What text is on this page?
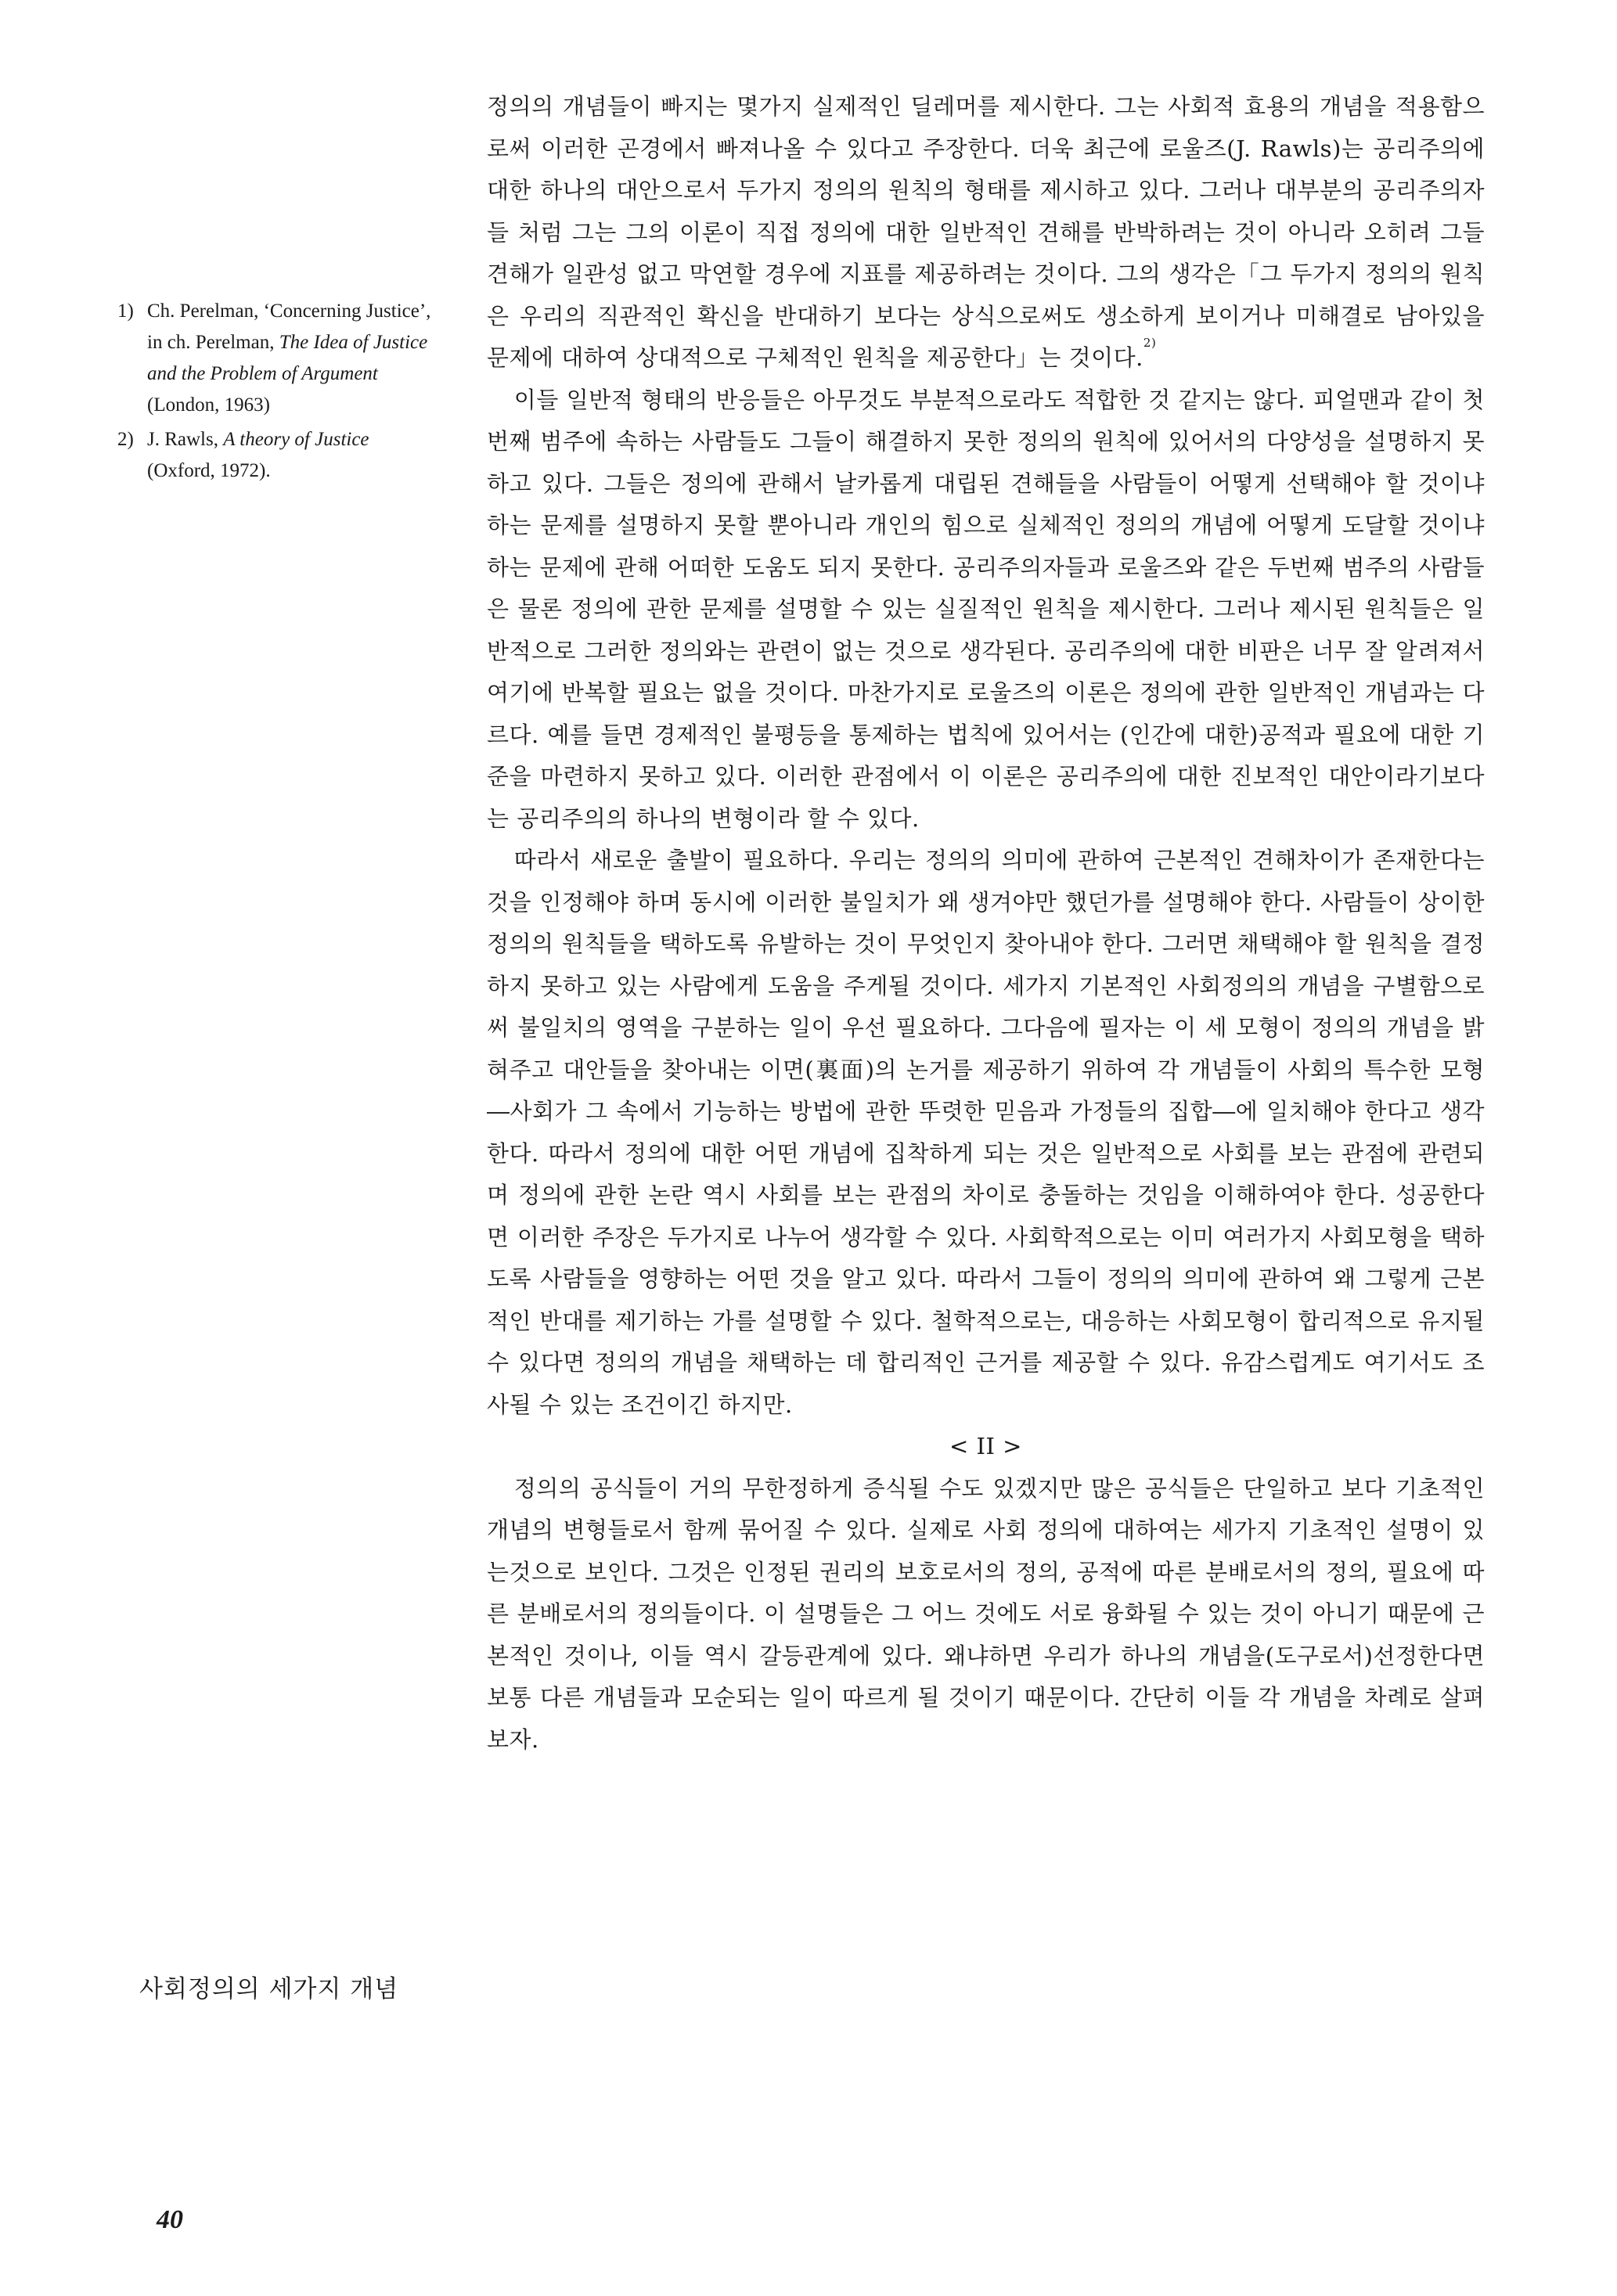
1) Ch. Perelman, ‘Concerning Justice’, in ch. Perelman, The Idea of Justice and the Problem of Argument (London, 1963)
2) J. Rawls, A theory of Justice (Oxford, 1972).
사회정의의 세가지 개념

정의의 개념들이 빠지는 몇가지 실제적인 딜레머를 제시한다. 그는 사회적 효용의 개념을 적용함으로써 이러한 곤경에서 빠져나올 수 있다고 주장한다. 더욱 최근에 로울즈(J. Rawls)는 공리주의에 대한 하나의 대안으로서 두가지 정의의 원칙의 형태를 제시하고 있다. 그러나 대부분의 공리주의자들 처럼 그는 그의 이론이 직접 정의에 대한 일반적인 견해를 반박하려는 것이 아니라 오히려 그들 견해가 일관성 없고 막연할 경우에 지표를 제공하려는 것이다. 그의 생각은「그 두가지 정의의 원칙은 우리의 직관적인 확신을 반대하기 보다는 상식으로써도 생소하게 보이거나 미해결로 남아있을 문제에 대하여 상대적으로 구체적인 원칙을 제공한다」는 것이다.$^{2)}$

이들 일반적 형태의 반응들은 아무것도 부분적으로라도 적합한 것 같지는 않다. 피얼맨과 같이 첫번째 범주에 속하는 사람들도 그들이 해결하지 못한 정의의 원칙에 있어서의 다양성을 설명하지 못하고 있다. 그들은 정의에 관해서 날카롭게 대립된 견해들을 사람들이 어떻게 선택해야 할 것이냐 하는 문제를 설명하지 못할 뿐아니라 개인의 힘으로 실체적인 정의의 개념에 어떻게 도달할 것이냐 하는 문제에 관해 어떠한 도움도 되지 못한다. 공리주의자들과 로울즈와 같은 두번째 범주의 사람들은 물론 정의에 관한 문제를 설명할 수 있는 실질적인 원칙을 제시한다. 그러나 제시된 원칙들은 일반적으로 그러한 정의와는 관련이 없는 것으로 생각된다. 공리주의에 대한 비판은 너무 잘 알려져서 여기에 반복할 필요는 없을 것이다. 마찬가지로 로울즈의 이론은 정의에 관한 일반적인 개념과는 다르다. 예를 들면 경제적인 불평등을 통제하는 법칙에 있어서는 (인간에 대한)공적과 필요에 대한 기준을 마련하지 못하고 있다. 이러한 관점에서 이 이론은 공리주의에 대한 진보적인 대안이라기보다는 공리주의의 하나의 변형이라 할 수 있다.

따라서 새로운 출발이 필요하다. 우리는 정의의 의미에 관하여 근본적인 견해차이가 존재한다는 것을 인정해야 하며 동시에 이러한 불일치가 왜 생겨야만 했던가를 설명해야 한다. 사람들이 상이한 정의의 원칙들을 택하도록 유발하는 것이 무엇인지 찾아내야 한다. 그러면 채택해야 할 원칙을 결정하지 못하고 있는 사람에게 도움을 주게될 것이다. 세가지 기본적인 사회정의의 개념을 구별함으로써 불일치의 영역을 구분하는 일이 우선 필요하다. 그다음에 필자는 이 세 모형이 정의의 개념을 밝혀주고 대안들을 찾아내는 이면(裏面)의 논거를 제공하기 위하여 각 개념들이 사회의 특수한 모형 ―사회가 그 속에서 기능하는 방법에 관한 뚜렷한 믿음과 가정들의 집합―에 일치해야 한다고 생각한다. 따라서 정의에 대한 어떤 개념에 집착하게 되는 것은 일반적으로 사회를 보는 관점에 관련되며 정의에 관한 논란 역시 사회를 보는 관점의 차이로 충돌하는 것임을 이해하여야 한다. 성공한다면 이러한 주장은 두가지로 나누어 생각할 수 있다. 사회학적으로는 이미 여러가지 사회모형을 택하도록 사람들을 영향하는 어떤 것을 알고 있다. 따라서 그들이 정의의 의미에 관하여 왜 그렇게 근본적인 반대를 제기하는 가를 설명할 수 있다. 철학적으로는, 대응하는 사회모형이 합리적으로 유지될 수 있다면 정의의 개념을 채택하는 데 합리적인 근거를 제공할 수 있다. 유감스럽게도 여기서도 조사될 수 있는 조건이긴 하지만.

< II >

정의의 공식들이 거의 무한정하게 증식될 수도 있겠지만 많은 공식들은 단일하고 보다 기초적인 개념의 변형들로서 함께 묶어질 수 있다. 실제로 사회 정의에 대하여는 세가지 기초적인 설명이 있는것으로 보인다. 그것은 인정된 권리의 보호로서의 정의, 공적에 따른 분배로서의 정의, 필요에 따른 분배로서의 정의들이다. 이 설명들은 그 어느 것에도 서로 융화될 수 있는 것이 아니기 때문에 근본적인 것이나, 이들 역시 갈등관계에 있다. 왜냐하면 우리가 하나의 개념을(도구로서)선정한다면 보통 다른 개념들과 모순되는 일이 따르게 될 것이기 때문이다. 간단히 이들 각 개념을 차례로 살펴보자.

40
